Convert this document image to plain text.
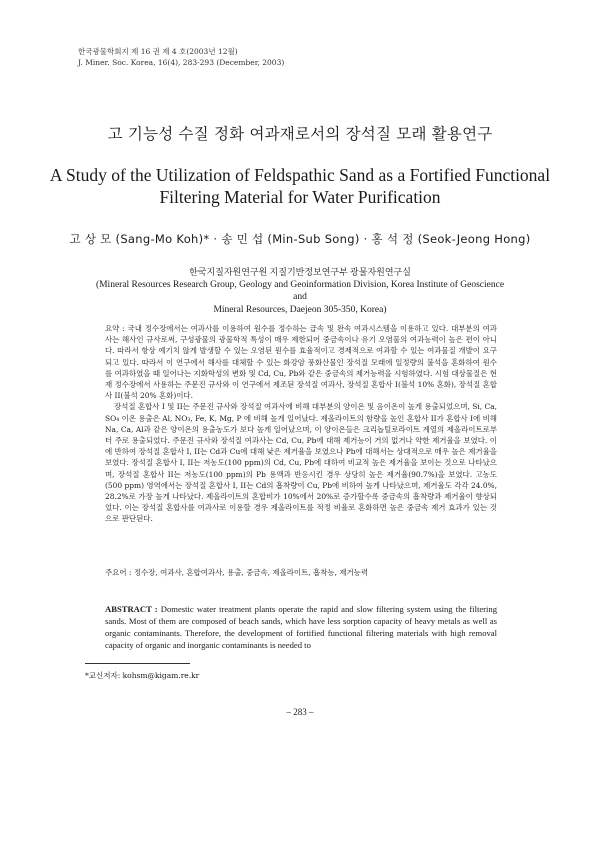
한국광물학회지 제 16 권 제 4 호(2003년 12월)
J. Miner. Soc. Korea, 16(4), 283-293 (December, 2003)
고 기능성 수질 정화 여과재로서의 장석질 모래 활용연구
A Study of the Utilization of Feldspathic Sand as a Fortified Functional
Filtering Material for Water Purification
고 상 모 (Sang-Mo Koh)* · 송 민 섭 (Min-Sub Song) · 홍 석 정 (Seok-Jeong Hong)
한국지질자원연구원 지질기반정보연구부 광물자원연구실
(Mineral Resources Research Group, Geology and Geoinformation Division, Korea Institute of Geoscience and
Mineral Resources, Daejeon 305-350, Korea)

요약 : 국내 정수장에서는 여과사를 이용하여 원수를 정수하는 급속 및 완속 여과시스템을 이용하고 있다. 대부분의 여과사는 해사인 규사로써, 구성광물의 광물학적 특성이 매우 제한되어 중금속이나 유기 오염물의 여과능력이 높은 편이 아니다. 따라서 항상 예기치 않게 발생할 수 있는 오염된 원수를 효율적이고 경제적으로 여과할 수 있는 여과물질 개발이 요구되고 있다. 따라서 이 연구에서 해사를 대체할 수 있는 화강암 풍화산물인 장석질 모래에 일정량의 불석을 혼화하여 원수를 여과하였을 때 일어나는 지화학성의 변화 및 Cd, Cu, Pb와 같은 중금속의 제거능력을 시험하였다. 시험 대상물질은 현재 정수장에서 사용하는 주문진 규사와 이 연구에서 제조된 장석질 여과사, 장석질 혼합사 I(불석 10% 혼화), 장석질 혼합사 II(불석 20% 혼화)이다.

장석질 혼합사 I 및 II는 주문진 규사와 장석질 여과사에 비해 대부분의 양이온 및 음이온이 높게 용출되었으며, Si, Ca, SO₄ 이온 용출은 Al, NO₃, Fe, K, Mg, P 에 비해 높게 일어났다. 제올라이트의 함량을 높인 혼합사 II가 혼합사 I에 비해 Na, Ca, Al과 같은 양이온의 용출농도가 보다 높게 일어났으며, 이 양이온들은 크리놉틸로라이트 계열의 제올라이트로부터 주로 용출되었다. 주문진 규사와 장석질 여과사는 Cd, Cu, Pb에 대해 제거능이 거의 없거나 약한 제거율을 보였다. 이에 반하여 장석질 혼합사 I, II는 Cd과 Cu에 대해 낮은 제거율을 보였으나 Pb에 대해서는 상대적으로 매우 높은 제거율을 보였다. 장석질 혼합사 I, II는 저농도(100 ppm)의 Cd, Cu, Pb에 대하여 비교적 높은 제거율을 보이는 것으로 나타났으며, 장석질 혼합사 II는 저농도(100 ppm)의 Pb 용액과 반응시킨 경우 상당히 높은 제거율(90.7%)을 보였다. 고농도(500 ppm) 영역에서는 장석질 혼합사 I, II는 Cd의 흡착량이 Cu, Pb에 비하여 높게 나타났으며, 제거율도 각각 24.0%, 28.2%로 가장 높게 나타났다. 제올라이트의 혼합비가 10%에서 20%로 증가할수록 중금속의 흡착량과 제거율이 향상되었다. 이는 장석질 혼합사를 여과사로 이용할 경우 제올라이트를 적정 비율로 혼화하면 높은 중금속 제거 효과가 있는 것으로 판단된다.

주요어 : 정수장, 여과사, 혼합여과사, 용출, 중금속, 제올라이트, 흡착능, 제거능력
ABSTRACT : Domestic water treatment plants operate the rapid and slow filtering system using the filtering sands. Most of them are composed of beach sands, which have less sorption capacity of heavy metals as well as organic contaminants. Therefore, the development of fortified functional filtering materials with high removal capacity of organic and inorganic contaminants is needed to
*교신저자: kohsm@kigam.re.kr
– 283 –
